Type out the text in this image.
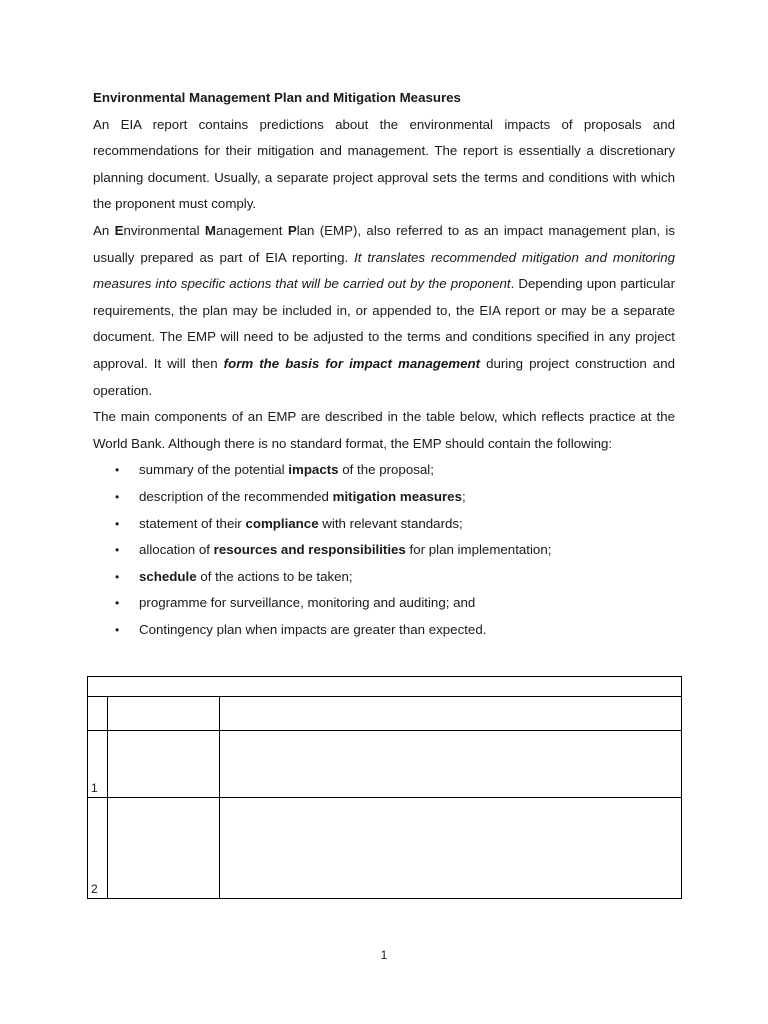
Environmental Management Plan and Mitigation Measures

An EIA report contains predictions about the environmental impacts of proposals and recommendations for their mitigation and management. The report is essentially a discretionary planning document. Usually, a separate project approval sets the terms and conditions with which the proponent must comply.

An Environmental Management Plan (EMP), also referred to as an impact management plan, is usually prepared as part of EIA reporting. It translates recommended mitigation and monitoring measures into specific actions that will be carried out by the proponent. Depending upon particular requirements, the plan may be included in, or appended to, the EIA report or may be a separate document. The EMP will need to be adjusted to the terms and conditions specified in any project approval. It will then form the basis for impact management during project construction and operation.

The main components of an EMP are described in the table below, which reflects practice at the World Bank. Although there is no standard format, the EMP should contain the following:

• summary of the potential impacts of the proposal;
• description of the recommended mitigation measures;
• statement of their compliance with relevant standards;
• allocation of resources and responsibilities for plan implementation;
• schedule of the actions to be taken;
• programme for surveillance, monitoring and auditing; and
• Contingency plan when impacts are greater than expected.

1		
2		
1
